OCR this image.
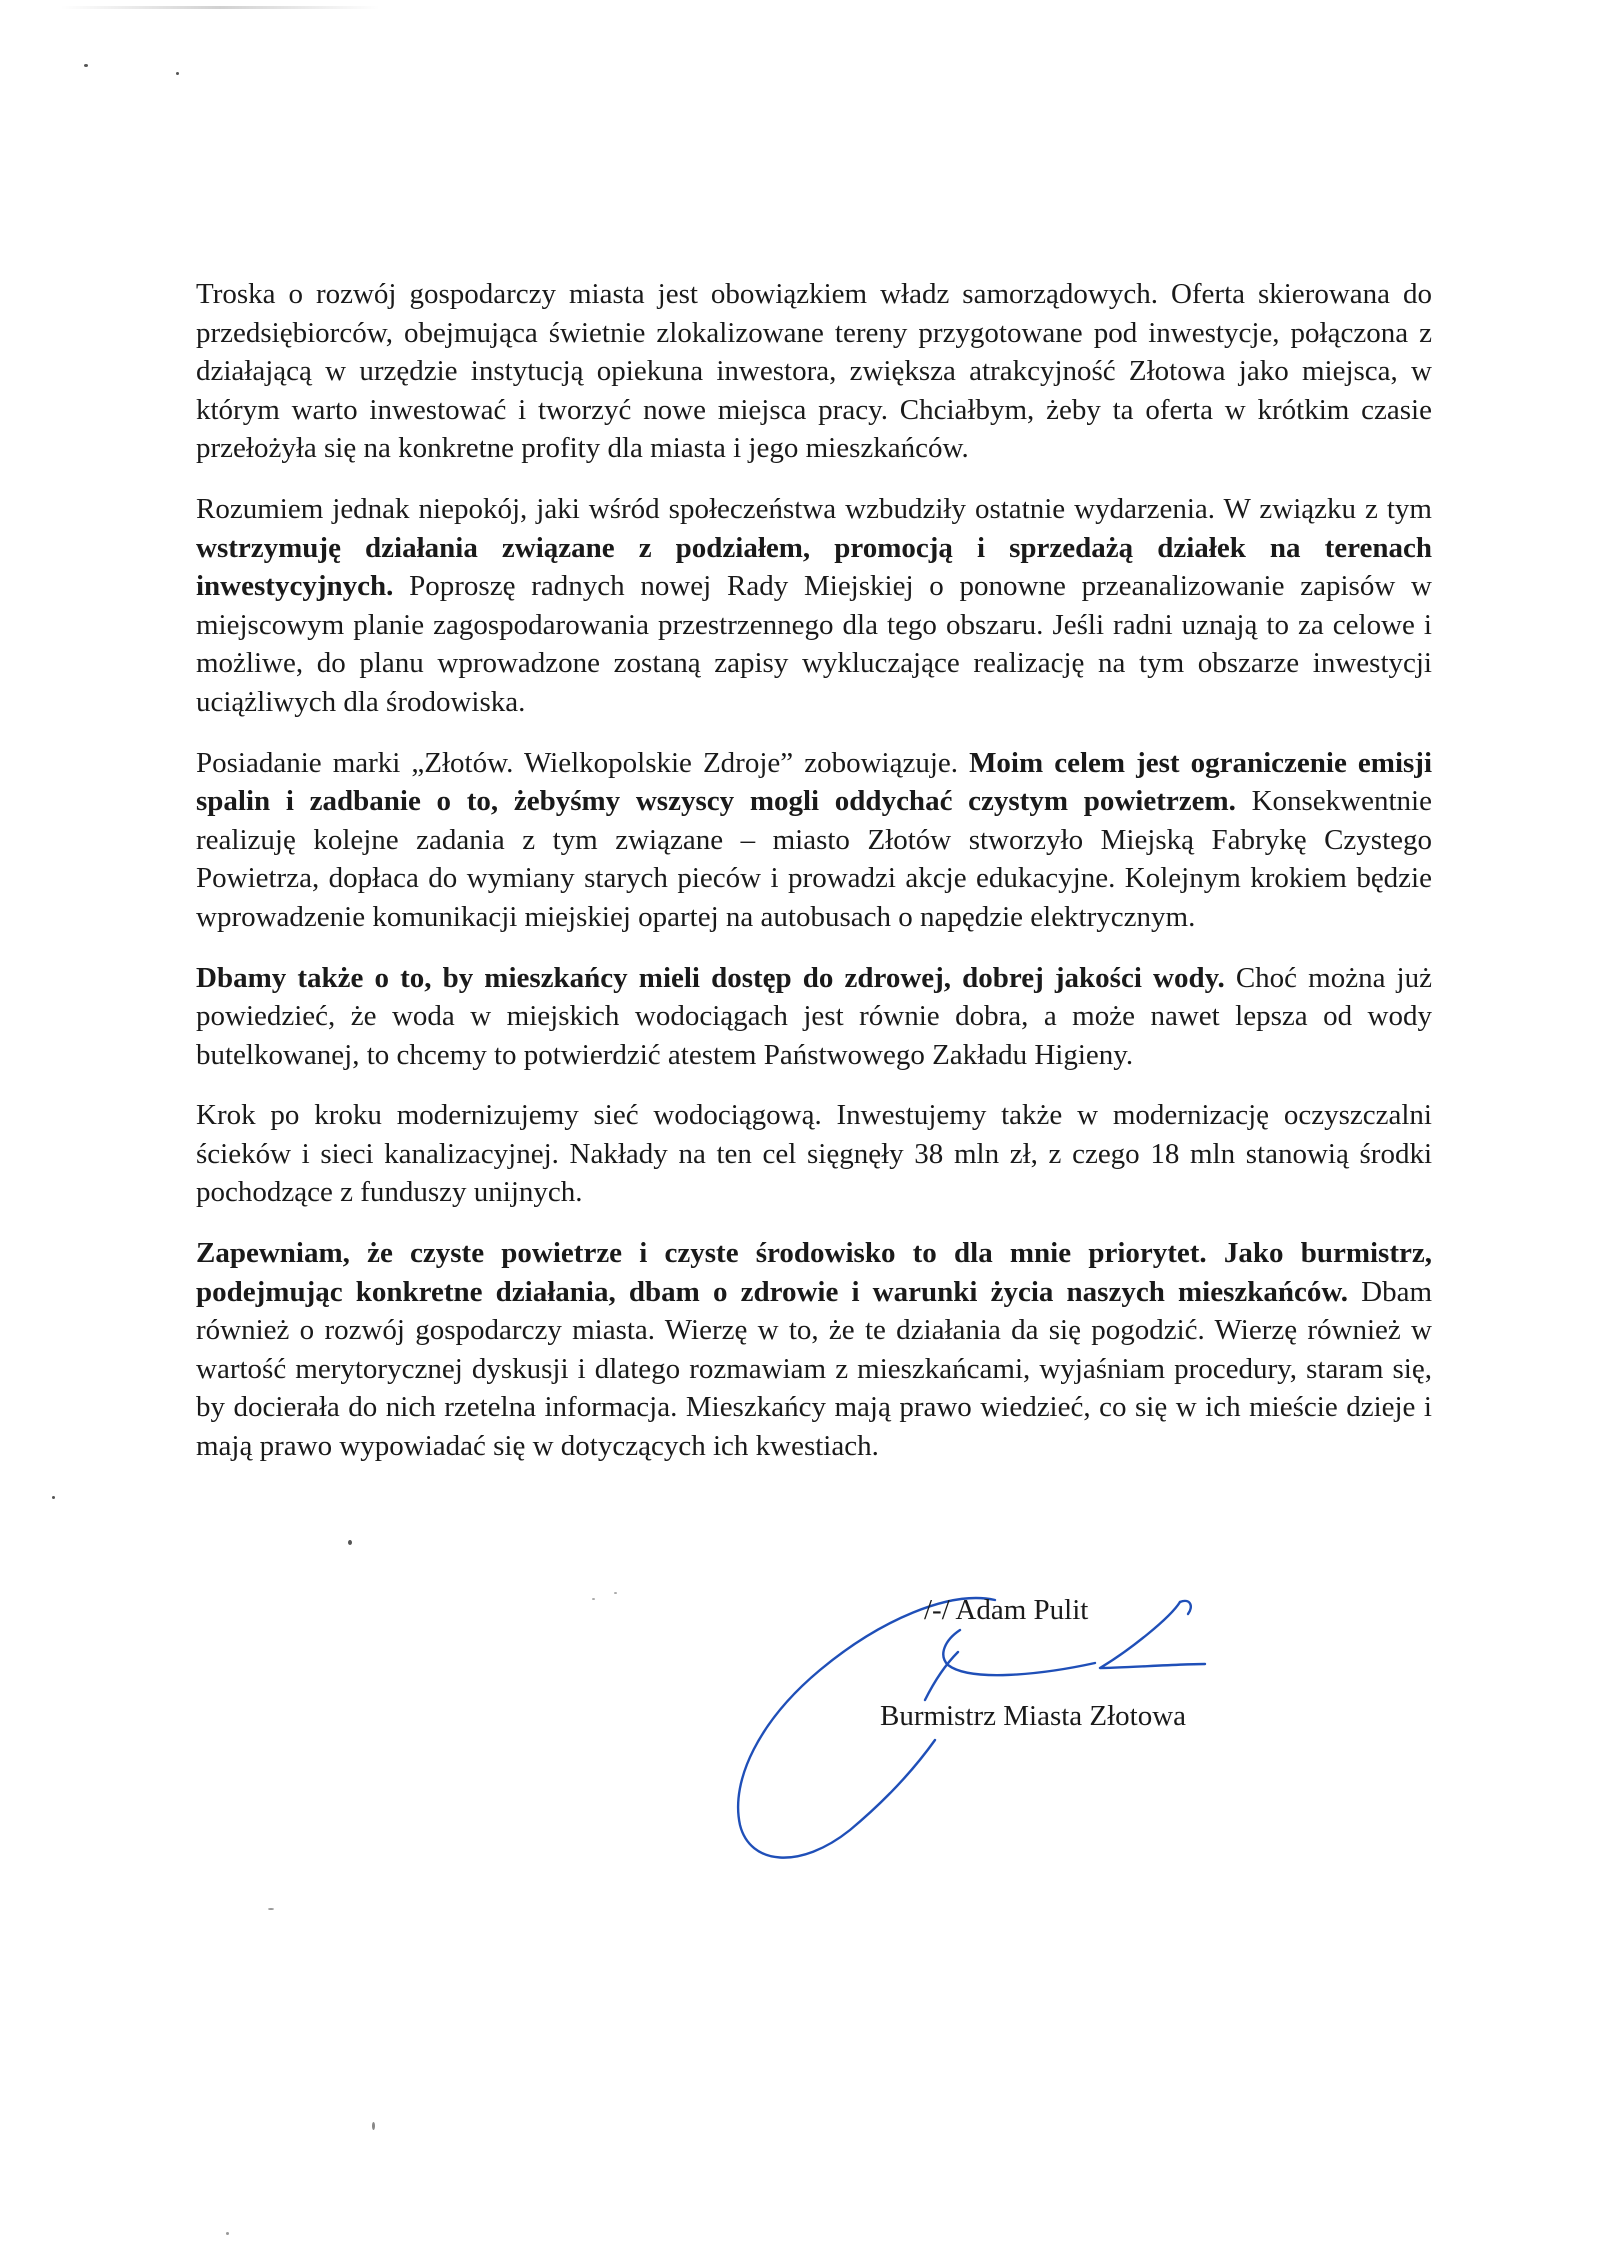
Troska o rozwój gospodarczy miasta jest obowiązkiem władz samorządowych. Oferta skierowana do przedsiębiorców, obejmująca świetnie zlokalizowane tereny przygotowane pod inwestycje, połączona z działającą w urzędzie instytucją opiekuna inwestora, zwiększa atrakcyjność Złotowa jako miejsca, w którym warto inwestować i tworzyć nowe miejsca pracy. Chciałbym, żeby ta oferta w krótkim czasie przełożyła się na konkretne profity dla miasta i jego mieszkańców.

Rozumiem jednak niepokój, jaki wśród społeczeństwa wzbudziły ostatnie wydarzenia. W związku z tym wstrzymuję działania związane z podziałem, promocją i sprzedażą działek na terenach inwestycyjnych. Poproszę radnych nowej Rady Miejskiej o ponowne przeanalizowanie zapisów w miejscowym planie zagospodarowania przestrzennego dla tego obszaru. Jeśli radni uznają to za celowe i możliwe, do planu wprowadzone zostaną zapisy wykluczające realizację na tym obszarze inwestycji uciążliwych dla środowiska.

Posiadanie marki „Złotów. Wielkopolskie Zdroje” zobowiązuje. Moim celem jest ograniczenie emisji spalin i zadbanie o to, żebyśmy wszyscy mogli oddychać czystym powietrzem. Konsekwentnie realizuję kolejne zadania z tym związane – miasto Złotów stworzyło Miejską Fabrykę Czystego Powietrza, dopłaca do wymiany starych pieców i prowadzi akcje edukacyjne. Kolejnym krokiem będzie wprowadzenie komunikacji miejskiej opartej na autobusach o napędzie elektrycznym.

Dbamy także o to, by mieszkańcy mieli dostęp do zdrowej, dobrej jakości wody. Choć można już powiedzieć, że woda w miejskich wodociągach jest równie dobra, a może nawet lepsza od wody butelkowanej, to chcemy to potwierdzić atestem Państwowego Zakładu Higieny.

Krok po kroku modernizujemy sieć wodociągową. Inwestujemy także w modernizację oczyszczalni ścieków i sieci kanalizacyjnej. Nakłady na ten cel sięgnęły 38 mln zł, z czego 18 mln stanowią środki pochodzące z funduszy unijnych.

Zapewniam, że czyste powietrze i czyste środowisko to dla mnie priorytet. Jako burmistrz, podejmując konkretne działania, dbam o zdrowie i warunki życia naszych mieszkańców. Dbam również o rozwój gospodarczy miasta. Wierzę w to, że te działania da się pogodzić. Wierzę również w wartość merytorycznej dyskusji i dlatego rozmawiam z mieszkańcami, wyjaśniam procedury, staram się, by docierała do nich rzetelna informacja. Mieszkańcy mają prawo wiedzieć, co się w ich mieście dzieje i mają prawo wypowiadać się w dotyczących ich kwestiach.

/-/ Adam Pulit
Burmistrz Miasta Złotowa
